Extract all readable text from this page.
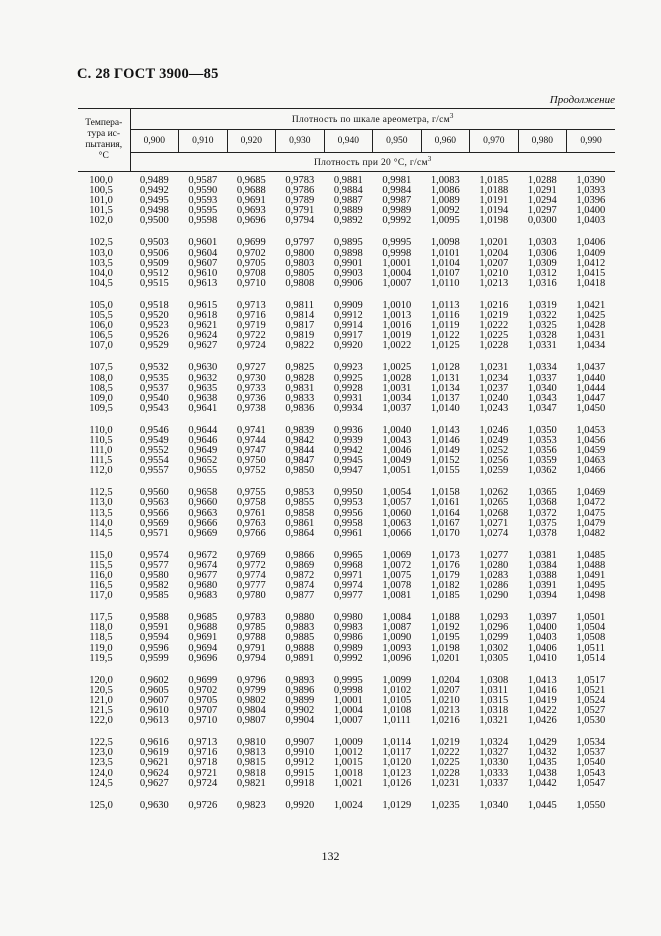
С. 28 ГОСТ 3900—85
Продолжение
Темпера-тура ис-пытания, °С	Плотность по шкале ареометра, $г/см^3$
	0,900	0,910	0,920	0,930	0,940	0,950	0,960	0,970	0,980	0,990
	Плотность при 20 °С, $г/см^3$
100,0	0,9489	0,9587	0,9685	0,9783	0,9881	0,9981	1,0083	1,0185	1,0288	1,0390
100,5	0,9492	0,9590	0,9688	0,9786	0,9884	0,9984	1,0086	1,0188	1,0291	1,0393
101,0	0,9495	0,9593	0,9691	0,9789	0,9887	0,9987	1,0089	1,0191	1,0294	1,0396
101,5	0,9498	0,9595	0,9693	0,9791	0,9889	0,9989	1,0092	1,0194	1,0297	1,0400
102,0	0,9500	0,9598	0,9696	0,9794	0,9892	0,9992	1,0095	1,0198	0,0300	1,0403

102,5	0,9503	0,9601	0,9699	0,9797	0,9895	0,9995	1,0098	1,0201	1,0303	1,0406
103,0	0,9506	0,9604	0,9702	0,9800	0,9898	0,9998	1,0101	1,0204	1,0306	1,0409
103,5	0,9509	0,9607	0,9705	0,9803	0,9901	1,0001	1,0104	1,0207	1,0309	1,0412
104,0	0,9512	0,9610	0,9708	0,9805	0,9903	1,0004	1,0107	1,0210	1,0312	1,0415
104,5	0,9515	0,9613	0,9710	0,9808	0,9906	1,0007	1,0110	1,0213	1,0316	1,0418

105,0	0,9518	0,9615	0,9713	0,9811	0,9909	1,0010	1,0113	1,0216	1,0319	1,0421
105,5	0,9520	0,9618	0,9716	0,9814	0,9912	1,0013	1,0116	1,0219	1,0322	1,0425
106,0	0,9523	0,9621	0,9719	0,9817	0,9914	1,0016	1,0119	1,0222	1,0325	1,0428
106,5	0,9526	0,9624	0,9722	0,9819	0,9917	1,0019	1,0122	1,0225	1,0328	1,0431
107,0	0,9529	0,9627	0,9724	0,9822	0,9920	1,0022	1,0125	1,0228	1,0331	1,0434

107,5	0,9532	0,9630	0,9727	0,9825	0,9923	1,0025	1,0128	1,0231	1,0334	1,0437
108,0	0,9535	0,9632	0,9730	0,9828	0,9925	1,0028	1,0131	1,0234	1,0337	1,0440
108,5	0,9537	0,9635	0,9733	0,9831	0,9928	1,0031	1,0134	1,0237	1,0340	1,0444
109,0	0,9540	0,9638	0,9736	0,9833	0,9931	1,0034	1,0137	1,0240	1,0343	1,0447
109,5	0,9543	0,9641	0,9738	0,9836	0,9934	1,0037	1,0140	1,0243	1,0347	1,0450

110,0	0,9546	0,9644	0,9741	0,9839	0,9936	1,0040	1,0143	1,0246	1,0350	1,0453
110,5	0,9549	0,9646	0,9744	0,9842	0,9939	1,0043	1,0146	1,0249	1,0353	1,0456
111,0	0,9552	0,9649	0,9747	0,9844	0,9942	1,0046	1,0149	1,0252	1,0356	1,0459
111,5	0,9554	0,9652	0,9750	0,9847	0,9945	1,0049	1,0152	1,0256	1,0359	1,0463
112,0	0,9557	0,9655	0,9752	0,9850	0,9947	1,0051	1,0155	1,0259	1,0362	1,0466

112,5	0,9560	0,9658	0,9755	0,9853	0,9950	1,0054	1,0158	1,0262	1,0365	1,0469
113,0	0,9563	0,9660	0,9758	0,9855	0,9953	1,0057	1,0161	1,0265	1,0368	1,0472
113,5	0,9566	0,9663	0,9761	0,9858	0,9956	1,0060	1,0164	1,0268	1,0372	1,0475
114,0	0,9569	0,9666	0,9763	0,9861	0,9958	1,0063	1,0167	1,0271	1,0375	1,0479
114,5	0,9571	0,9669	0,9766	0,9864	0,9961	1,0066	1,0170	1,0274	1,0378	1,0482

115,0	0,9574	0,9672	0,9769	0,9866	0,9965	1,0069	1,0173	1,0277	1,0381	1,0485
115,5	0,9577	0,9674	0,9772	0,9869	0,9968	1,0072	1,0176	1,0280	1,0384	1,0488
116,0	0,9580	0,9677	0,9774	0,9872	0,9971	1,0075	1,0179	1,0283	1,0388	1,0491
116,5	0,9582	0,9680	0,9777	0,9874	0,9974	1,0078	1,0182	1,0286	1,0391	1,0495
117,0	0,9585	0,9683	0,9780	0,9877	0,9977	1,0081	1,0185	1,0290	1,0394	1,0498

117,5	0,9588	0,9685	0,9783	0,9880	0,9980	1,0084	1,0188	1,0293	1,0397	1,0501
118,0	0,9591	0,9688	0,9785	0,9883	0,9983	1,0087	1,0192	1,0296	1,0400	1,0504
118,5	0,9594	0,9691	0,9788	0,9885	0,9986	1,0090	1,0195	1,0299	1,0403	1,0508
119,0	0,9596	0,9694	0,9791	0,9888	0,9989	1,0093	1,0198	1,0302	1,0406	1,0511
119,5	0,9599	0,9696	0,9794	0,9891	0,9992	1,0096	1,0201	1,0305	1,0410	1,0514

120,0	0,9602	0,9699	0,9796	0,9893	0,9995	1,0099	1,0204	1,0308	1,0413	1,0517
120,5	0,9605	0,9702	0,9799	0,9896	0,9998	1,0102	1,0207	1,0311	1,0416	1,0521
121,0	0,9607	0,9705	0,9802	0,9899	1,0001	1,0105	1,0210	1,0315	1,0419	1,0524
121,5	0,9610	0,9707	0,9804	0,9902	1,0004	1,0108	1,0213	1,0318	1,0422	1,0527
122,0	0,9613	0,9710	0,9807	0,9904	1,0007	1,0111	1,0216	1,0321	1,0426	1,0530

122,5	0,9616	0,9713	0,9810	0,9907	1,0009	1,0114	1,0219	1,0324	1,0429	1,0534
123,0	0,9619	0,9716	0,9813	0,9910	1,0012	1,0117	1,0222	1,0327	1,0432	1,0537
123,5	0,9621	0,9718	0,9815	0,9912	1,0015	1,0120	1,0225	1,0330	1,0435	1,0540
124,0	0,9624	0,9721	0,9818	0,9915	1,0018	1,0123	1,0228	1,0333	1,0438	1,0543
124,5	0,9627	0,9724	0,9821	0,9918	1,0021	1,0126	1,0231	1,0337	1,0442	1,0547

125,0	0,9630	0,9726	0,9823	0,9920	1,0024	1,0129	1,0235	1,0340	1,0445	1,0550
132
